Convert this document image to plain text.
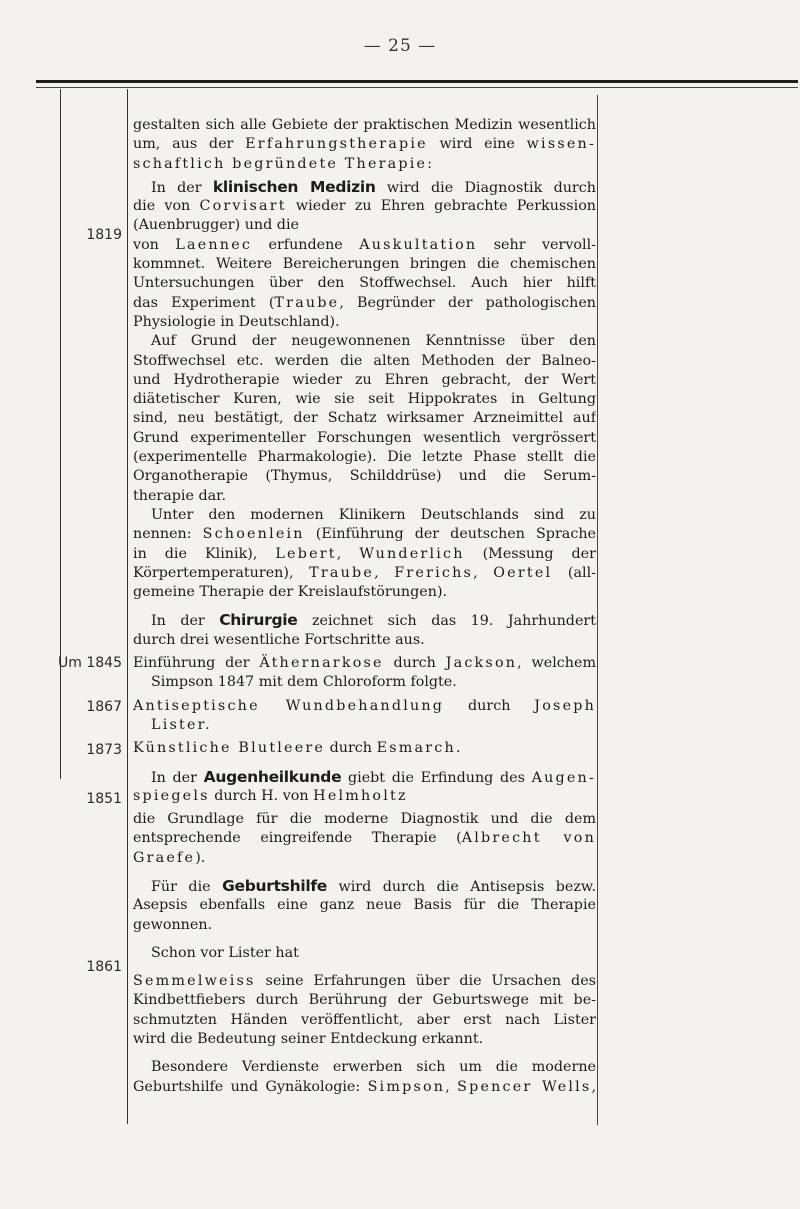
— 25 —
1819
Um 1845
1867
1873
1851
1861
gestalten sich alle Gebiete der praktischen Medizin wesentlich
um, aus der Erfahrungstherapie wird eine wissen-
schaftlich begründete Therapie:
In der klinischen Medizin wird die Diagnostik durch
die von Corvisart wieder zu Ehren gebrachte Perkussion
(Auenbrugger) und die
von Laennec erfundene Auskultation sehr vervoll-
kommnet. Weitere Bereicherungen bringen die chemischen
Untersuchungen über den Stoffwechsel. Auch hier hilft
das Experiment (Traube, Begründer der pathologischen
Physiologie in Deutschland).
Auf Grund der neugewonnenen Kenntnisse über den
Stoffwechsel etc. werden die alten Methoden der Balneo-
und Hydrotherapie wieder zu Ehren gebracht, der Wert
diätetischer Kuren, wie sie seit Hippokrates in Geltung
sind, neu bestätigt, der Schatz wirksamer Arzneimittel auf
Grund experimenteller Forschungen wesentlich vergrössert
(experimentelle Pharmakologie). Die letzte Phase stellt die
Organotherapie (Thymus, Schilddrüse) und die Serum-
therapie dar.
Unter den modernen Klinikern Deutschlands sind zu
nennen: Schoenlein (Einführung der deutschen Sprache
in die Klinik), Lebert, Wunderlich (Messung der
Körpertemperaturen), Traube, Frerichs, Oertel (all-
gemeine Therapie der Kreislaufstörungen).
In der Chirurgie zeichnet sich das 19. Jahrhundert
durch drei wesentliche Fortschritte aus.
Einführung der Äthernarkose durch Jackson, welchem
Simpson 1847 mit dem Chloroform folgte.
Antiseptische Wundbehandlung durch Joseph
Lister.
Künstliche Blutleere durch Esmarch.
In der Augenheilkunde giebt die Erfindung des Augen-
spiegels durch H. von Helmholtz
die Grundlage für die moderne Diagnostik und die dem
entsprechende eingreifende Therapie (Albrecht von
Graefe).
Für die Geburtshilfe wird durch die Antisepsis bezw.
Asepsis ebenfalls eine ganz neue Basis für die Therapie
gewonnen.
Schon vor Lister hat
Semmelweiss seine Erfahrungen über die Ursachen des
Kindbettfiebers durch Berührung der Geburtswege mit be-
schmutzten Händen veröffentlicht, aber erst nach Lister
wird die Bedeutung seiner Entdeckung erkannt.
Besondere Verdienste erwerben sich um die moderne
Geburtshilfe und Gynäkologie: Simpson, Spencer Wells,
